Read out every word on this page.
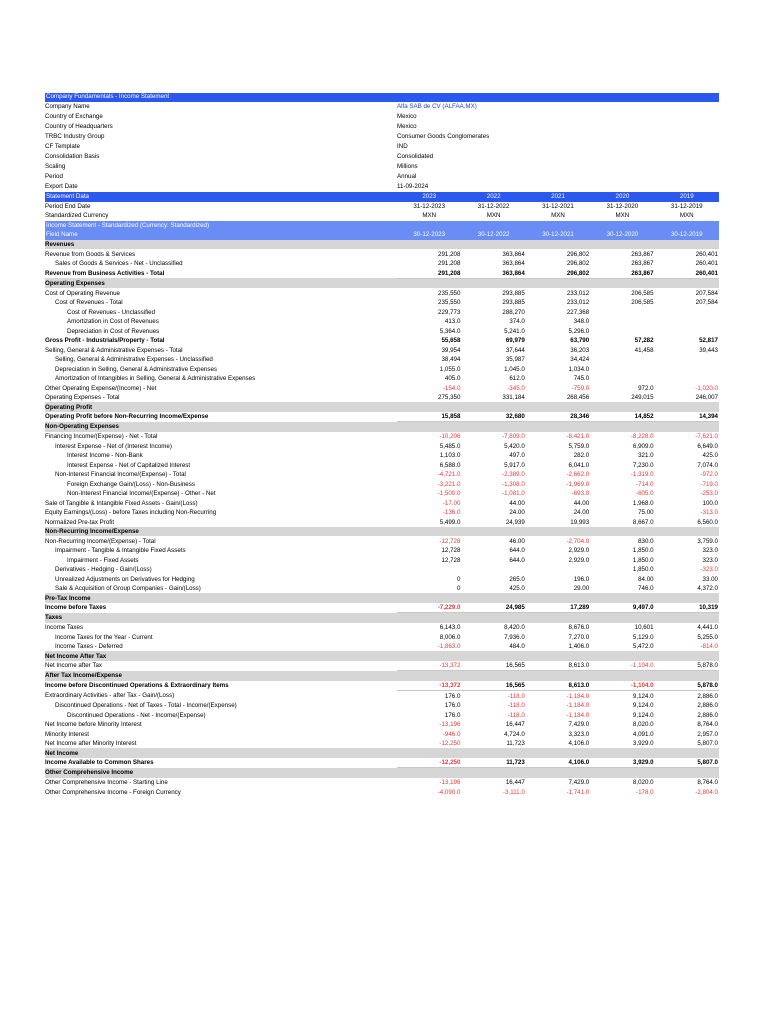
Company Fundamentals - Income Statement
Company Name	Alfa SAB de CV (ALFAA.MX)
Country of Exchange	Mexico
Country of Headquarters	Mexico
TRBC Industry Group	Consumer Goods Conglomerates
CF Template	IND
Consolidation Basis	Consolidated
Scaling	Millions
Period	Annual
Export Date	11-09-2024
Statement Data	2023	2022	2021	2020	2019
Period End Date	31-12-2023	31-12-2022	31-12-2021	31-12-2020	31-12-2019
Standardized Currency	MXN	MXN	MXN	MXN	MXN
Income Statement - Standardized (Currency: Standardized)
Field Name	30-12-2023	30-12-2022	30-12-2021	30-12-2020	30-12-2019
Revenues					
Revenue from Goods & Services	291,208	363,864	296,802	263,867	260,401
Sales of Goods & Services - Net - Unclassified	291,208	363,864	296,802	263,867	260,401
Revenue from Business Activities - Total	291,208	363,864	296,802	263,867	260,401
Operating Expenses					
Cost of Operating Revenue	235,550	293,885	233,012	206,585	207,584
Cost of Revenues - Total	235,550	293,885	233,012	206,585	207,584
Cost of Revenues - Unclassified	229,773	288,270	227,368		
Amortization in Cost of Revenues	413.0	374.0	348.0		
Depreciation in Cost of Revenues	5,364.0	5,241.0	5,296.0		
Gross Profit - Industrials/Property - Total	55,658	69,979	63,790	57,282	52,817
Selling, General & Administrative Expenses - Total	39,954	37,644	36,203	41,458	39,443
Selling, General & Administrative Expenses - Unclassified	38,494	35,987	34,424		
Depreciation in Selling, General & Administrative Expenses	1,055.0	1,045.0	1,034.0		
Amortization of Intangibles in Selling, General & Administrative Expenses	405.0	612.0	745.0		
Other Operating Expense/(Income) - Net	-154.0	-345.0	-759.0	972.0	-1,020.0
Operating Expenses - Total	275,350	331,184	268,456	249,015	246,007
Operating Profit					
Operating Profit before Non-Recurring Income/Expense	15,858	32,680	28,346	14,852	14,394
Non-Operating Expenses					
Financing Income/(Expense) - Net - Total	-10,206	-7,809.0	-8,421.0	-8,228.0	-7,621.0
Interest Expense - Net of (Interest Income)	5,485.0	5,420.0	5,759.0	6,909.0	6,649.0
Interest Income - Non-Bank	1,103.0	497.0	282.0	321.0	425.0
Interest Expense - Net of Capitalized Interest	6,588.0	5,917.0	6,041.0	7,230.0	7,074.0
Non-Interest Financial Income/(Expense) - Total	-4,721.0	-2,389.0	-2,662.0	-1,319.0	-972.0
Foreign Exchange Gain/(Loss) - Non-Business	-3,221.0	-1,308.0	-1,969.0	-714.0	-719.0
Non-Interest Financial Income/(Expense) - Other - Net	-1,500.0	-1,081.0	-693.0	-605.0	-253.0
Sale of Tangible & Intangible Fixed Assets - Gain/(Loss)	-17.00	44.00	44.00	1,968.0	100.0
Equity Earnings/(Loss) - before Taxes including Non-Recurring	-136.0	24.00	24.00	75.00	-313.0
Normalized Pre-tax Profit	5,499.0	24,939	19,993	8,667.0	6,560.0
Non-Recurring Income/Expense					
Non-Recurring Income/(Expense) - Total	-12,728	46.00	-2,704.0	830.0	3,759.0
Impairment - Tangible & Intangible Fixed Assets	12,728	644.0	2,929.0	1,850.0	323.0
Impairment - Fixed Assets	12,728	644.0	2,929.0	1,850.0	323.0
Derivatives - Hedging - Gain/(Loss)				1,850.0	-323.0
Unrealized Adjustments on Derivatives for Hedging	0	265.0	196.0	84.00	33.00
Sale & Acquisition of Group Companies - Gain/(Loss)	0	425.0	29.00	746.0	4,372.0
Pre-Tax Income					
Income before Taxes	-7,229.0	24,985	17,289	9,497.0	10,319
Taxes					
Income Taxes	6,143.0	8,420.0	8,676.0	10,601	4,441.0
Income Taxes for the Year - Current	8,006.0	7,936.0	7,270.0	5,129.0	5,255.0
Income Taxes - Deferred	-1,863.0	484.0	1,406.0	5,472.0	-814.0
Net Income After Tax					
Net Income after Tax	-13,372	16,565	8,613.0	-1,104.0	5,878.0
After Tax Income/Expense					
Income before Discontinued Operations & Extraordinary Items	-13,372	16,565	8,613.0	-1,104.0	5,878.0
Extraordinary Activities - after Tax - Gain/(Loss)	176.0	-118.0	-1,184.0	9,124.0	2,886.0
Discontinued Operations - Net of Taxes - Total - Income/(Expense)	176.0	-118.0	-1,184.0	9,124.0	2,886.0
Discontinued Operations - Net - Income/(Expense)	176.0	-118.0	-1,184.0	9,124.0	2,886.0
Net Income before Minority Interest	-13,196	16,447	7,429.0	8,020.0	8,764.0
Minority Interest	-946.0	4,724.0	3,323.0	4,091.0	2,957.0
Net Income after Minority Interest	-12,250	11,723	4,106.0	3,929.0	5,807.0
Net Income					
Income Available to Common Shares	-12,250	11,723	4,106.0	3,929.0	5,807.0
Other Comprehensive Income					
Other Comprehensive Income - Starting Line	-13,196	16,447	7,429.0	8,020.0	8,764.0
Other Comprehensive Income - Foreign Currency	-4,090.0	-3,111.0	-1,741.0	-178.0	-2,804.0
